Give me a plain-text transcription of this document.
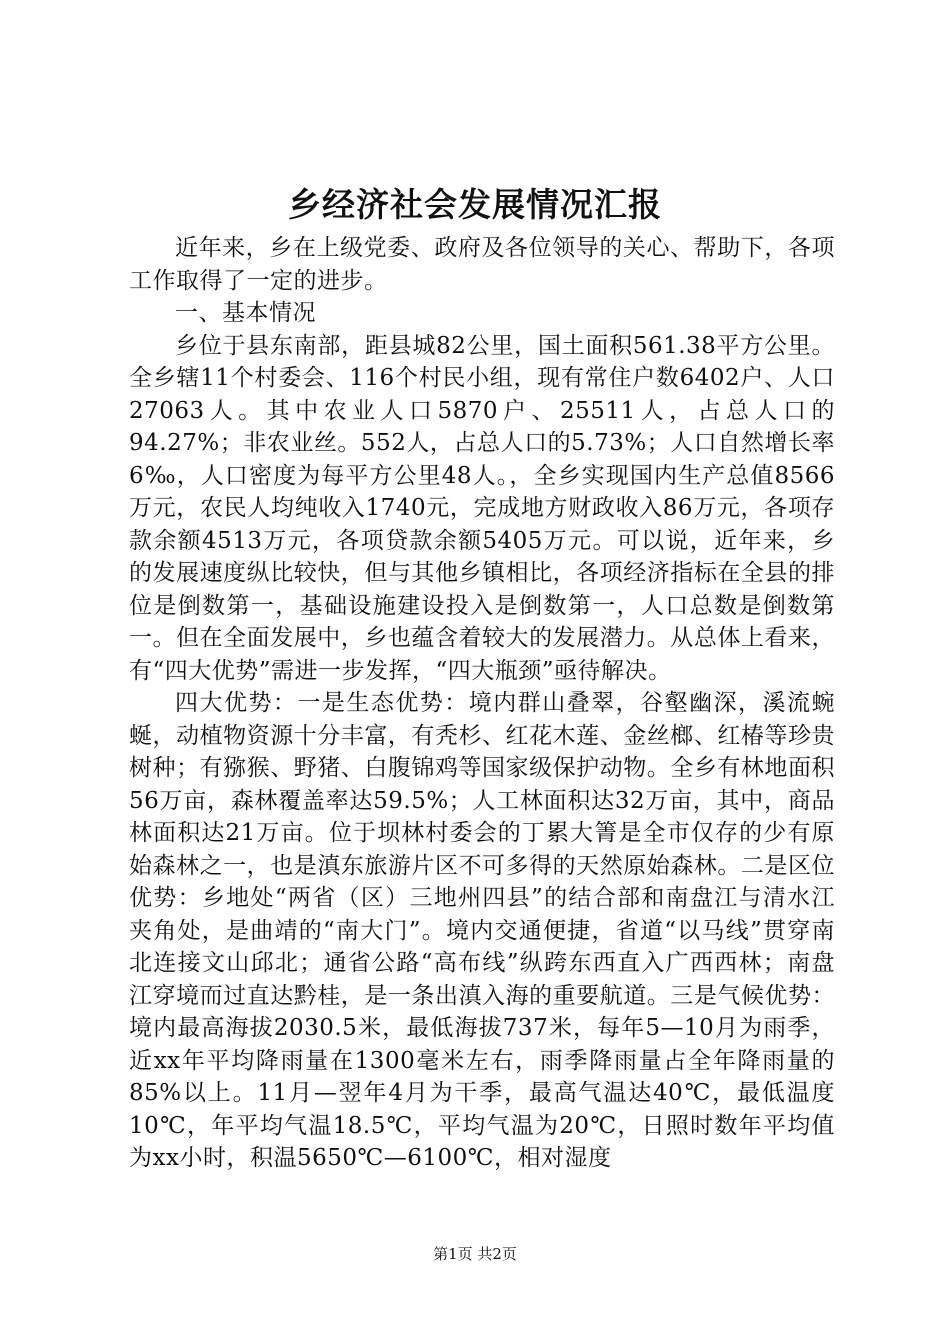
乡经济社会发展情况汇报

近年来，乡在上级党委、政府及各位领导的关心、帮助下，各项工作取得了一定的进步。

一、基本情况

乡位于县东南部，距县城82公里，国土面积561.38平方公里。全乡辖11个村委会、116个村民小组，现有常住户数6402户、人口27063人。其中农业人口5870户、25511人，占总人口的94.27%；非农业丝。552人，占总人口的5.73%；人口自然增长率6‰，人口密度为每平方公里48人。，全乡实现国内生产总值8566万元，农民人均纯收入1740元，完成地方财政收入86万元，各项存款余额4513万元，各项贷款余额5405万元。可以说，近年来，乡的发展速度纵比较快，但与其他乡镇相比，各项经济指标在全县的排位是倒数第一，基础设施建设投入是倒数第一，人口总数是倒数第一。但在全面发展中，乡也蕴含着较大的发展潜力。从总体上看来，有“四大优势”需进一步发挥，“四大瓶颈”亟待解决。

四大优势：一是生态优势：境内群山叠翠，谷壑幽深，溪流蜿蜒，动植物资源十分丰富，有秃杉、红花木莲、金丝榔、红椿等珍贵树种；有猕猴、野猪、白腹锦鸡等国家级保护动物。全乡有林地面积56万亩，森林覆盖率达59.5%；人工林面积达32万亩，其中，商品林面积达21万亩。位于坝林村委会的丁累大箐是全市仅存的少有原始森林之一，也是滇东旅游片区不可多得的天然原始森林。二是区位优势：乡地处“两省（区）三地州四县”的结合部和南盘江与清水江夹角处，是曲靖的“南大门”。境内交通便捷，省道“以马线”贯穿南北连接文山邱北；通省公路“高布线”纵跨东西直入广西西林；南盘江穿境而过直达黔桂，是一条出滇入海的重要航道。三是气候优势：境内最高海拔2030.5米，最低海拔737米，每年5—10月为雨季，近xx年平均降雨量在1300毫米左右，雨季降雨量占全年降雨量的85%以上。11月—翌年4月为干季，最高气温达40℃，最低温度10℃，年平均气温18.5℃，平均气温为20℃，日照时数年平均值为xx小时，积温5650℃—6100℃，相对湿度

第1页 共2页
